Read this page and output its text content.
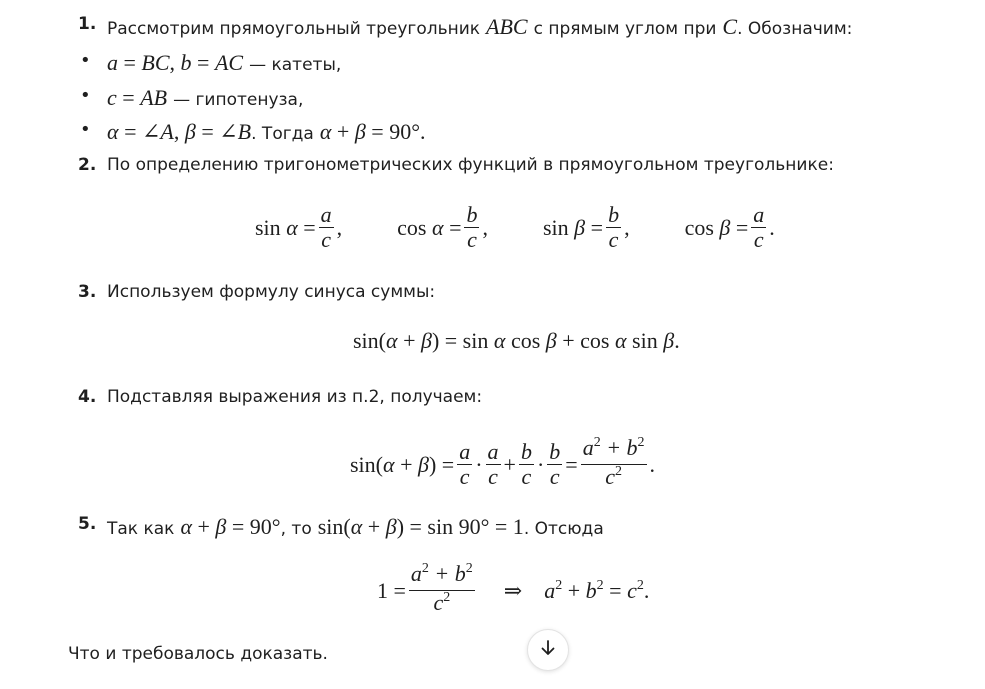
1. Рассмотрим прямоугольный треугольник ABC с прямым углом при C . Обозначим:
• a = BC, b = AC — катеты,
• c = AB — гипотенуза,
• α = ∠A, β = ∠B . Тогда α + β = 90°.
2. По определению тригонометрических функций в прямоугольном треугольнике:
$\sin \alpha = \frac{a}{c}$ ,	$\cos \alpha = \frac{b}{c}$ ,	$\sin \beta = \frac{b}{c}$ ,	$\cos \beta = \frac{a}{c}$ .
3. Используем формулу синуса суммы:
sin(α + β) = sin α cos β + cos α sin β.
4. Подставляя выражения из п.2, получаем:
$\sin(\alpha + \beta) = \frac{a}{c} \cdot \frac{a}{c} + \frac{b}{c} \cdot \frac{b}{c} = \frac{a^2 + b^2}{c^2}$ .
5. Так как α + β = 90° , то sin(α + β) = sin 90° = 1 . Отсюда
$1 = \frac{a^2 + b^2}{c^2}$ ⇒ $a^2 + b^2 = c^2$.
Что и требовалось доказать.
